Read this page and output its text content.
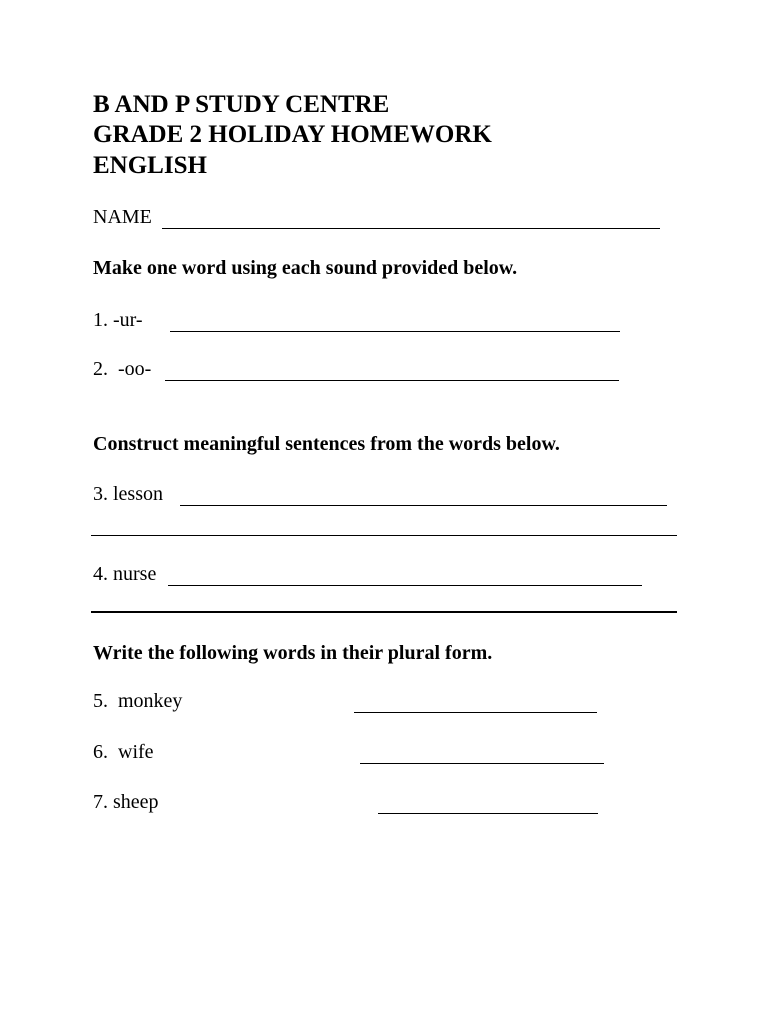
B AND P STUDY CENTRE
GRADE 2 HOLIDAY HOMEWORK
ENGLISH
NAME
Make one word using each sound provided below.
1. -ur-
2.  -oo-
Construct meaningful sentences from the words below.
3. lesson
4. nurse
Write the following words in their plural form.
5.  monkey
6.  wife
7. sheep
